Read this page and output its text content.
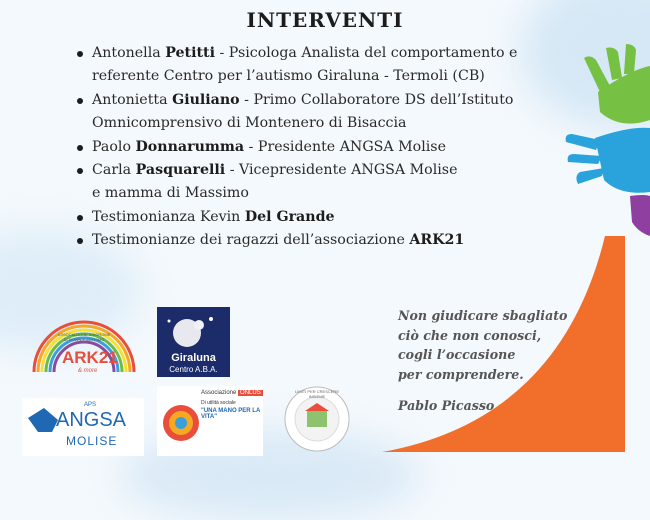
INTERVENTI
Antonella Petitti - Psicologa Analista del comportamento e
referente Centro per l’autismo Giraluna - Termoli (CB)
Antonietta Giuliano - Primo Collaboratore DS dell’Istituto
Omnicomprensivo di Montenero di Bisaccia
Paolo Donnarumma - Presidente ANGSA Molise
Carla Pasquarelli - Vicepresidente ANGSA Molise
e mamma di Massimo
Testimonianza Kevin Del Grande
Testimonianze dei ragazzi dell’associazione ARK21
Non giudicare sbagliato
ciò che non conosci,
cogli l’occasione
per comprendere.
Pablo Picasso
ASSOCIAZIONE SINDROME DI DOWN E AUTISMO
ARK21
& more
Giraluna
Centro A.B.A.
APS
ANGSA
MOLISE
Associazione ONLUS
Di utilità sociale
"UNA MANO PER LA VITA"
LIMITI PER CRESCERE INSIEME
